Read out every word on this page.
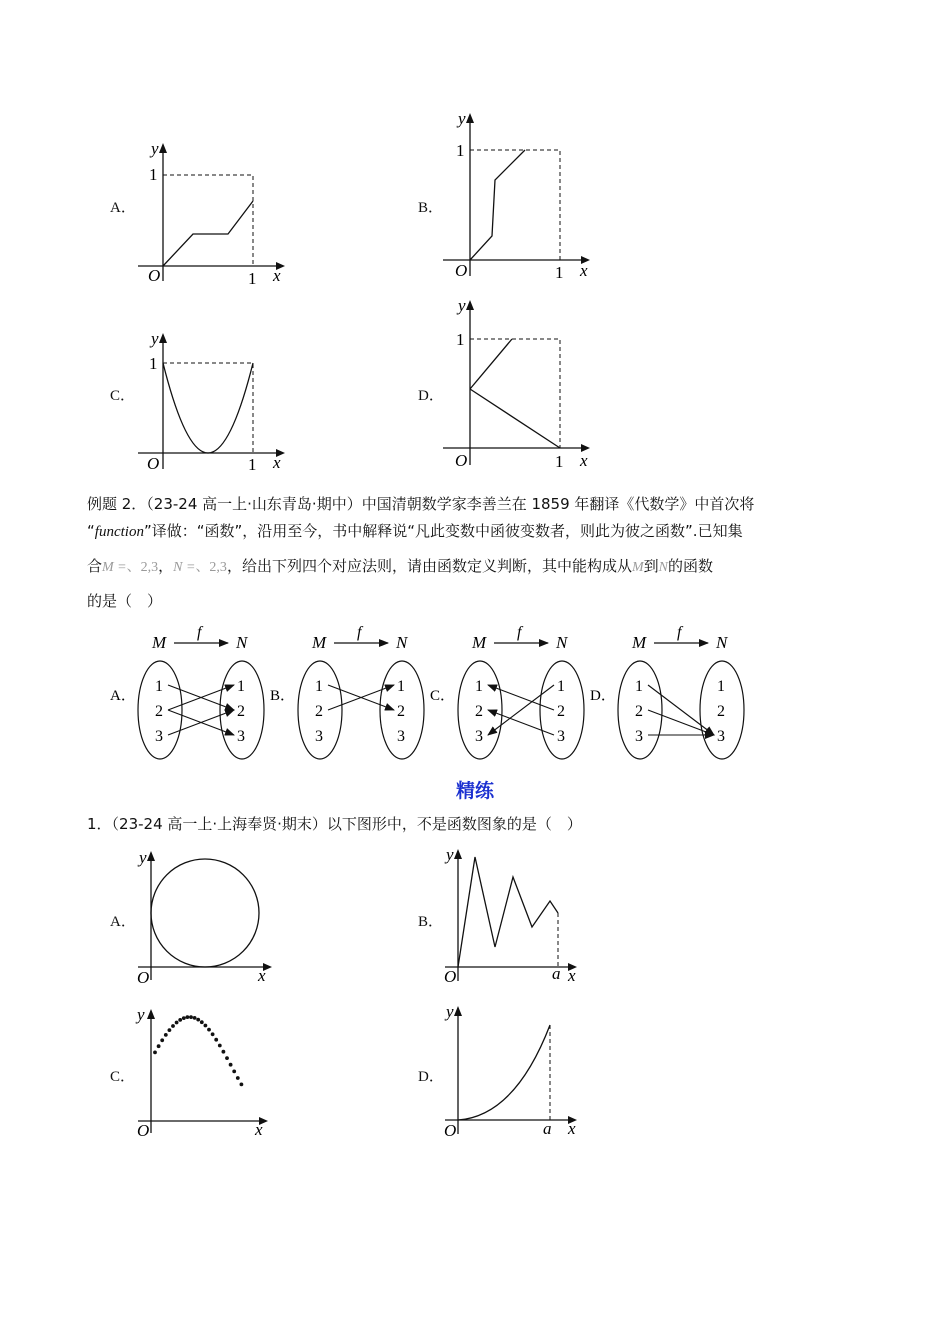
A．
1
1
O	x
y
B．
1
1
O	x
y
C．
1
1
O	x
y
D．
1
1
O	x
y
例题 2．（23-24 高一上·山东青岛·期中）中国清朝数学家李善兰在 1859 年翻译《代数学》中首次将
“function”译做：“函数”，沿用至今，书中解释说“凡此变数中函彼变数者，则此为彼之函数”.已知集
合M =、2,3，N =、2,3，给出下列四个对应法则，请由函数定义判断，其中能构成从M到N的函数
的是（　）
A．
M	N
f
1
2
3
1
2
3
B．
M	N
f
1
2
3
1
2
3
C．
M	N
f
1
2
3
1
2
3
D．
M	N
f
1
2
3
1
2
3
精练
1．（23-24 高一上·上海奉贤·期末）以下图形中，不是函数图象的是（　）
A．
O	x
y
B．
O	a x
y
C．
O	x
y
D．
O	a x
y
